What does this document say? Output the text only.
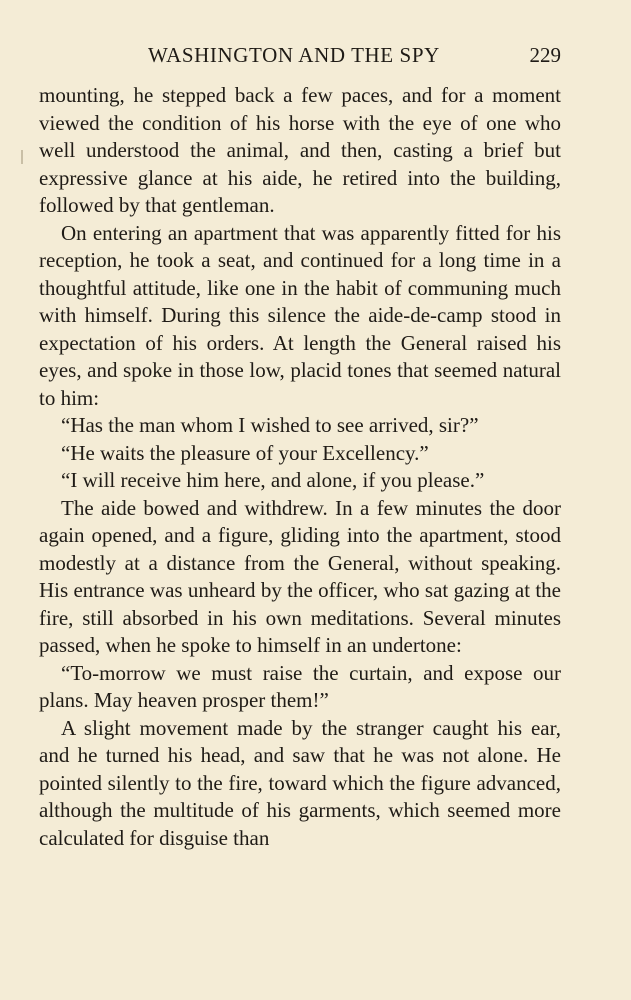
WASHINGTON AND THE SPY	229

mounting, he stepped back a few paces, and for a moment viewed the condition of his horse with the eye of one who well understood the animal, and then, casting a brief but expressive glance at his aide, he retired into the building, followed by that gentleman.

On entering an apartment that was apparently fitted for his reception, he took a seat, and continued for a long time in a thoughtful attitude, like one in the habit of communing much with himself. During this silence the aide-de-camp stood in expectation of his orders. At length the General raised his eyes, and spoke in those low, placid tones that seemed natural to him:

“Has the man whom I wished to see arrived, sir?”

“He waits the pleasure of your Excellency.”

“I will receive him here, and alone, if you please.”

The aide bowed and withdrew. In a few minutes the door again opened, and a figure, gliding into the apartment, stood modestly at a distance from the General, without speaking. His entrance was unheard by the officer, who sat gazing at the fire, still absorbed in his own meditations. Several minutes passed, when he spoke to himself in an undertone:

“To-morrow we must raise the curtain, and expose our plans. May heaven prosper them!”

A slight movement made by the stranger caught his ear, and he turned his head, and saw that he was not alone. He pointed silently to the fire, toward which the figure advanced, although the multitude of his garments, which seemed more calculated for disguise than
